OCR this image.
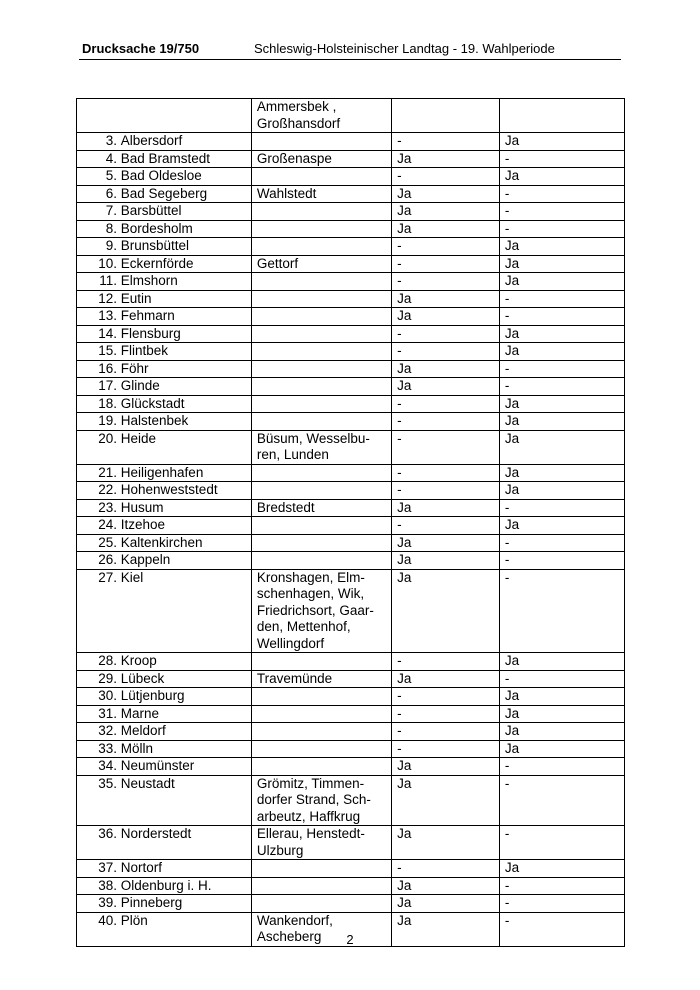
Drucksache 19/750	Schleswig-Holsteinischer Landtag - 19. Wahlperiode
	Ammersbek ,
Großhansdorf		
3. Albersdorf		-	Ja
4. Bad Bramstedt	Großenaspe	Ja	-
5. Bad Oldesloe		-	Ja
6. Bad Segeberg	Wahlstedt	Ja	-
7. Barsbüttel		Ja	-
8. Bordesholm		Ja	-
9. Brunsbüttel		-	Ja
10. Eckernförde	Gettorf	-	Ja
11. Elmshorn		-	Ja
12. Eutin		Ja	-
13. Fehmarn		Ja	-
14. Flensburg		-	Ja
15. Flintbek		-	Ja
16. Föhr		Ja	-
17. Glinde		Ja	-
18. Glückstadt		-	Ja
19. Halstenbek		-	Ja
20. Heide	Büsum, Wesselbu-
ren, Lunden	-	Ja
21. Heiligenhafen		-	Ja
22. Hohenweststedt		-	Ja
23. Husum	Bredstedt	Ja	-
24. Itzehoe		-	Ja
25. Kaltenkirchen		Ja	-
26. Kappeln		Ja	-
27. Kiel	Kronshagen, Elm-
schenhagen, Wik,
Friedrichsort, Gaar-
den, Mettenhof,
Wellingdorf	Ja	-
28. Kroop		-	Ja
29. Lübeck	Travemünde	Ja	-
30. Lütjenburg		-	Ja
31. Marne		-	Ja
32. Meldorf		-	Ja
33. Mölln		-	Ja
34. Neumünster		Ja	-
35. Neustadt	Grömitz, Timmen-
dorfer Strand, Sch-
arbeutz, Haffkrug	Ja	-
36. Norderstedt	Ellerau, Henstedt-
Ulzburg	Ja	-
37. Nortorf		-	Ja
38. Oldenburg i. H.		Ja	-
39. Pinneberg		Ja	-
40. Plön	Wankendorf,
Ascheberg	Ja	-
2
